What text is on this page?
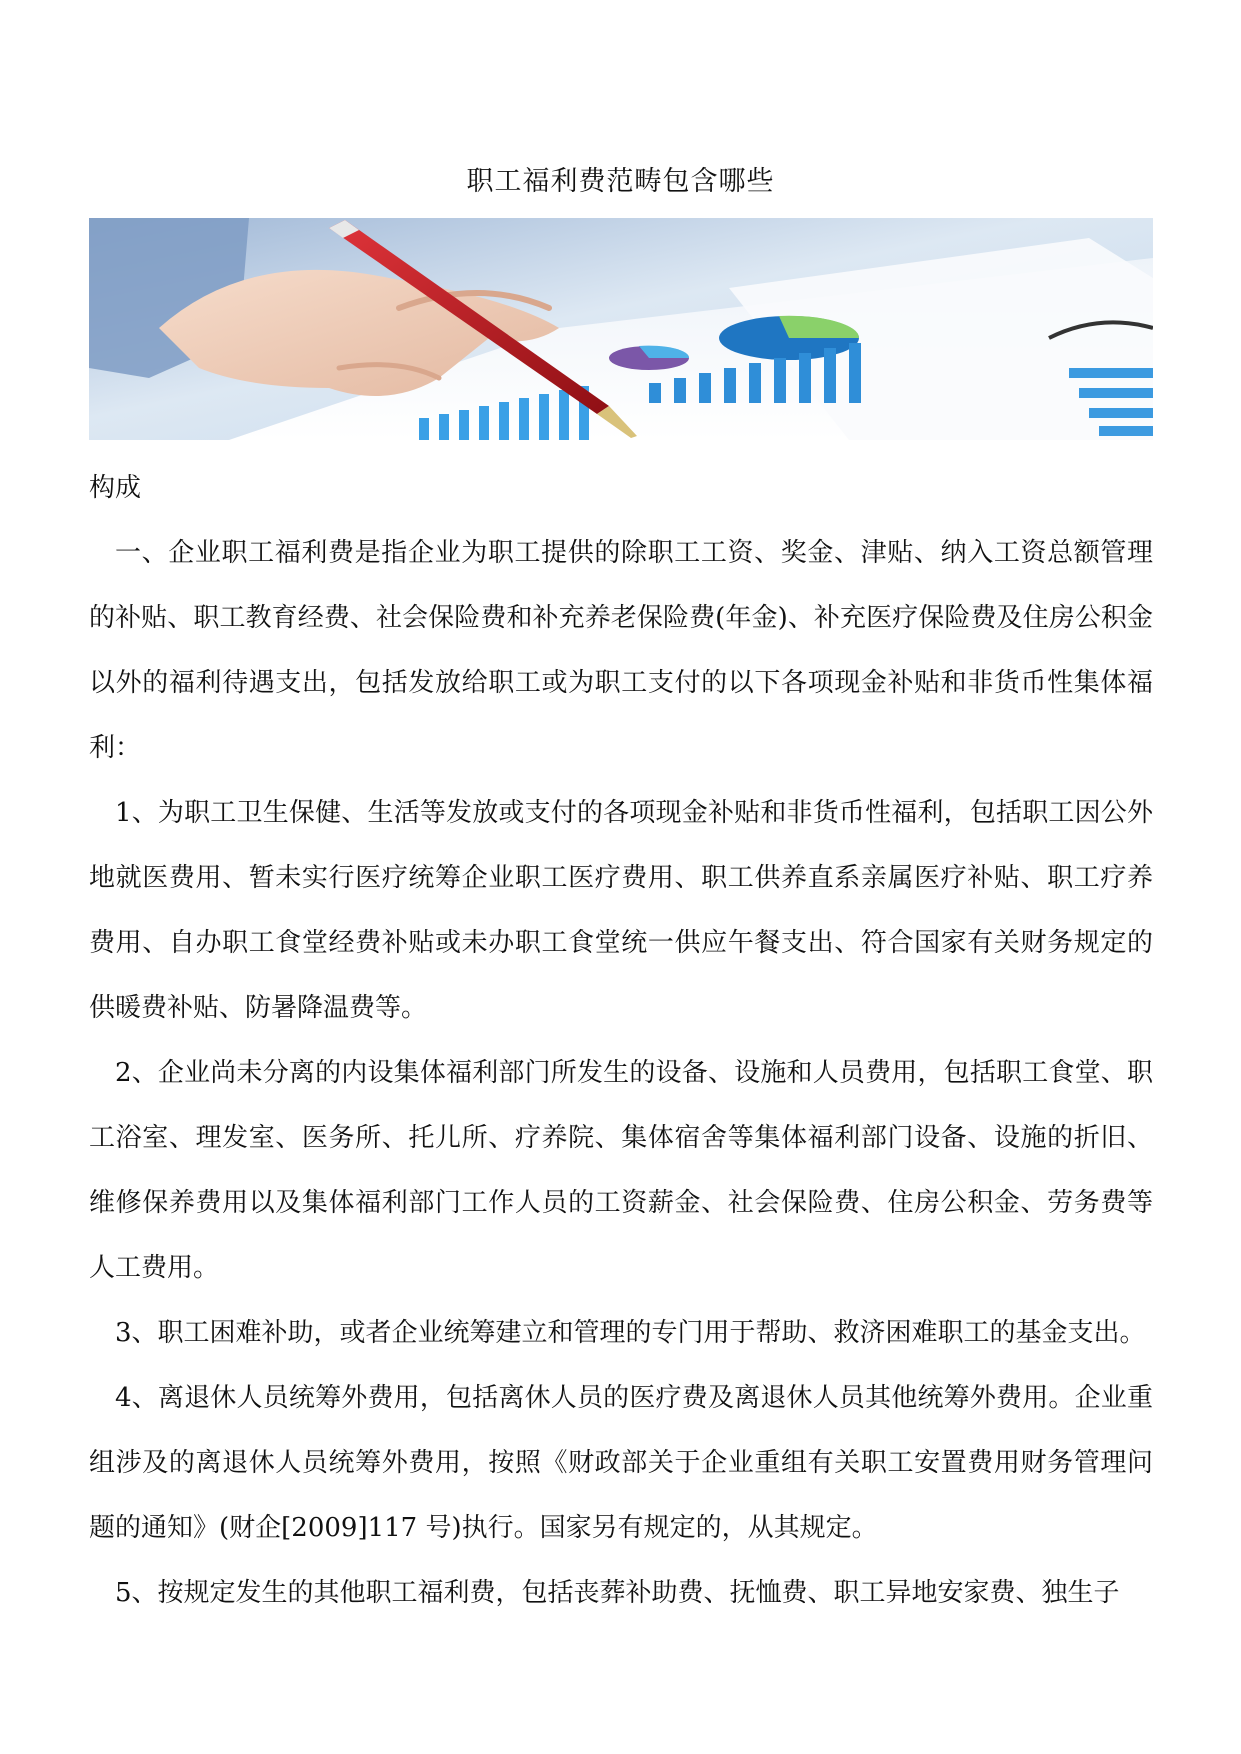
职工福利费范畴包含哪些

构成

一、企业职工福利费是指企业为职工提供的除职工工资、奖金、津贴、纳入工资总额管理的补贴、职工教育经费、社会保险费和补充养老保险费(年金)、补充医疗保险费及住房公积金以外的福利待遇支出，包括发放给职工或为职工支付的以下各项现金补贴和非货币性集体福利：

1、为职工卫生保健、生活等发放或支付的各项现金补贴和非货币性福利，包括职工因公外地就医费用、暂未实行医疗统筹企业职工医疗费用、职工供养直系亲属医疗补贴、职工疗养费用、自办职工食堂经费补贴或未办职工食堂统一供应午餐支出、符合国家有关财务规定的供暖费补贴、防暑降温费等。

2、企业尚未分离的内设集体福利部门所发生的设备、设施和人员费用，包括职工食堂、职工浴室、理发室、医务所、托儿所、疗养院、集体宿舍等集体福利部门设备、设施的折旧、维修保养费用以及集体福利部门工作人员的工资薪金、社会保险费、住房公积金、劳务费等人工费用。

3、职工困难补助，或者企业统筹建立和管理的专门用于帮助、救济困难职工的基金支出。

4、离退休人员统筹外费用，包括离休人员的医疗费及离退休人员其他统筹外费用。企业重组涉及的离退休人员统筹外费用，按照《财政部关于企业重组有关职工安置费用财务管理问题的通知》(财企[2009]117 号)执行。国家另有规定的，从其规定。

5、按规定发生的其他职工福利费，包括丧葬补助费、抚恤费、职工异地安家费、独生子
